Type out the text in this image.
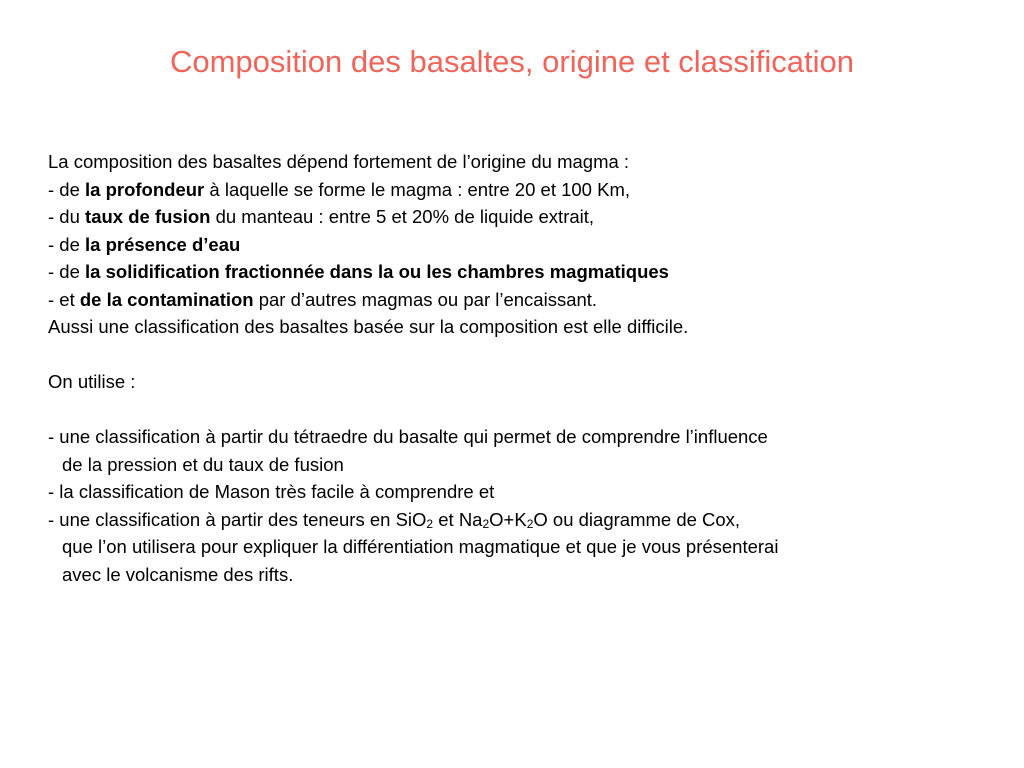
Composition des basaltes, origine et classification
La composition des basaltes dépend fortement de l’origine du magma :
- de la profondeur à laquelle se forme le magma : entre 20 et 100 Km,
- du taux de fusion du manteau : entre 5 et 20% de liquide extrait,
- de la présence d’eau
- de la solidification fractionnée dans la ou les chambres magmatiques
- et de la contamination par d’autres magmas ou par l’encaissant.
Aussi une classification des basaltes basée sur la composition est elle difficile.
On utilise :
- une classification à partir du tétraedre du basalte qui permet de comprendre l’influence
de la pression et du taux de fusion
- la classification de Mason très facile à comprendre et
- une classification à partir des teneurs en SiO2 et Na2O+K2O ou diagramme de Cox,
que l’on utilisera pour expliquer la différentiation magmatique et que je vous présenterai
avec le volcanisme des rifts.
